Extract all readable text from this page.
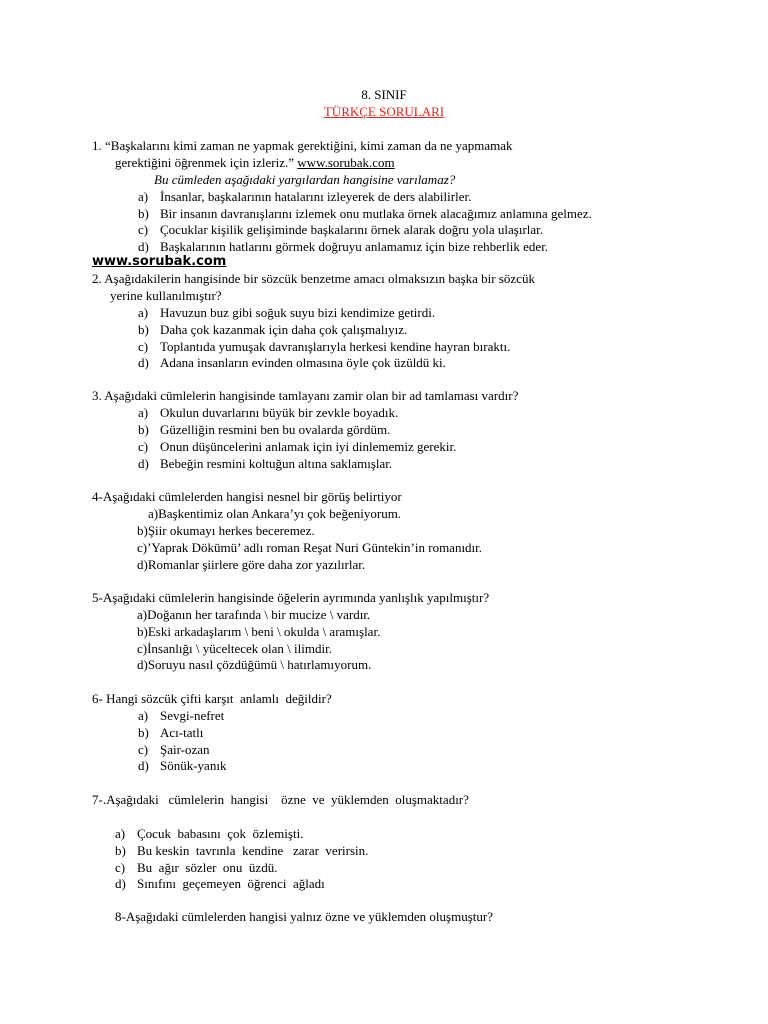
8. SINIF
TÜRKÇE SORULARI
1. “Başkalarını kimi zaman ne yapmak gerektiğini, kimi zaman da ne yapmamak
gerektiğini öğrenmek için izleriz.” www.sorubak.com
Bu cümleden aşağıdaki yargılardan hangisine varılamaz?
a) İnsanlar, başkalarının hatalarını izleyerek de ders alabilirler.
b) Bir insanın davranışlarını izlemek onu mutlaka örnek alacağımız anlamına gelmez.
c) Çocuklar kişilik gelişiminde başkalarını örnek alarak doğru yola ulaşırlar.
d) Başkalarının hatlarını görmek doğruyu anlamamız için bize rehberlik eder.
www.sorubak.com
2. Aşağıdakilerin hangisinde bir sözcük benzetme amacı olmaksızın başka bir sözcük
yerine kullanılmıştır?
a) Havuzun buz gibi soğuk suyu bizi kendimize getirdi.
b) Daha çok kazanmak için daha çok çalışmalıyız.
c) Toplantıda yumuşak davranışlarıyla herkesi kendine hayran bıraktı.
d) Adana insanların evinden olmasına öyle çok üzüldü ki.
3. Aşağıdaki cümlelerin hangisinde tamlayanı zamir olan bir ad tamlaması vardır?
a) Okulun duvarlarını büyük bir zevkle boyadık.
b) Güzelliğin resmini ben bu ovalarda gördüm.
c) Onun düşüncelerini anlamak için iyi dinlememiz gerekir.
d) Bebeğin resmini koltuğun altına saklamışlar.
4-Aşağıdaki cümlelerden hangisi nesnel bir görüş belirtiyor
a)Başkentimiz olan Ankara’yı çok beğeniyorum.
b)Şiir okumayı herkes beceremez.
c)’Yaprak Dökümü’ adlı roman Reşat Nuri Güntekin’in romanıdır.
d)Romanlar şiirlere göre daha zor yazılırlar.
5-Aşağıdaki cümlelerin hangisinde öğelerin ayrımında yanlışlık yapılmıştır?
a)Doğanın her tarafında \ bir mucize \ vardır.
b)Eski arkadaşlarım \ beni \ okulda \ aramışlar.
c)İnsanlığı \ yüceltecek olan \ ilimdir.
d)Soruyu nasıl çözdüğümü \ hatırlamıyorum.
6- Hangi sözcük çifti karşıt  anlamlı  değildir?
a) Sevgi-nefret
b) Acı-tatlı
c) Şair-ozan
d) Sönük-yanık
7-.Aşağıdaki   cümlelerin  hangisi    özne  ve  yüklemden  oluşmaktadır?
a) Çocuk  babasını  çok  özlemişti.
b) Bu keskin  tavrınla  kendine   zarar  verirsin.
c) Bu  ağır  sözler  onu  üzdü.
d) Sınıfını  geçemeyen  öğrenci  ağladı
8-Aşağıdaki cümlelerden hangisi yalnız özne ve yüklemden oluşmuştur?
